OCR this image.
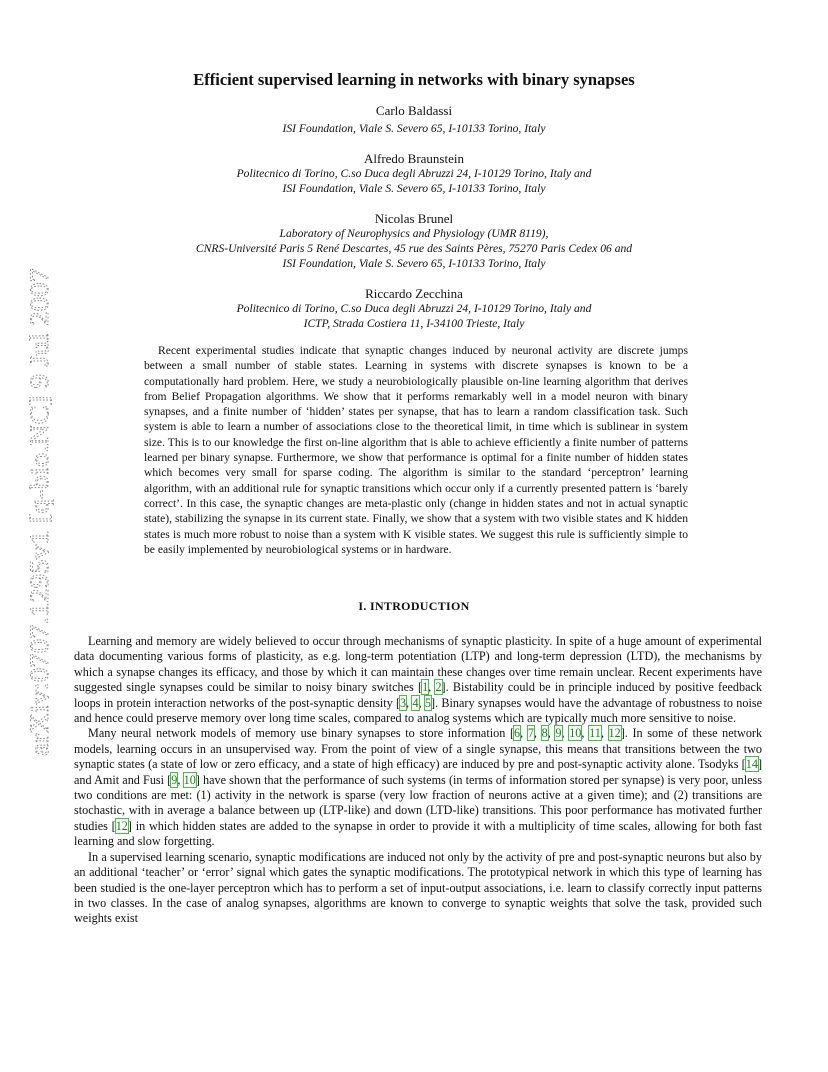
arXiv:0707.1295v1 [q-bio.NC] 9 Jul 2007
Efficient supervised learning in networks with binary synapses
Carlo Baldassi
ISI Foundation, Viale S. Severo 65, I-10133 Torino, Italy
Alfredo Braunstein
Politecnico di Torino, C.so Duca degli Abruzzi 24, I-10129 Torino, Italy and
ISI Foundation, Viale S. Severo 65, I-10133 Torino, Italy
Nicolas Brunel
Laboratory of Neurophysics and Physiology (UMR 8119),
CNRS-Université Paris 5 René Descartes, 45 rue des Saints Pères, 75270 Paris Cedex 06 and
ISI Foundation, Viale S. Severo 65, I-10133 Torino, Italy
Riccardo Zecchina
Politecnico di Torino, C.so Duca degli Abruzzi 24, I-10129 Torino, Italy and
ICTP, Strada Costiera 11, I-34100 Trieste, Italy

Recent experimental studies indicate that synaptic changes induced by neuronal activity are discrete jumps between a small number of stable states. Learning in systems with discrete synapses is known to be a computationally hard problem. Here, we study a neurobiologically plausible on-line learning algorithm that derives from Belief Propagation algorithms. We show that it performs remarkably well in a model neuron with binary synapses, and a finite number of ‘hidden’ states per synapse, that has to learn a random classification task. Such system is able to learn a number of associations close to the theoretical limit, in time which is sublinear in system size. This is to our knowledge the first on-line algorithm that is able to achieve efficiently a finite number of patterns learned per binary synapse. Furthermore, we show that performance is optimal for a finite number of hidden states which becomes very small for sparse coding. The algorithm is similar to the standard ‘perceptron’ learning algorithm, with an additional rule for synaptic transitions which occur only if a currently presented pattern is ‘barely correct’. In this case, the synaptic changes are meta-plastic only (change in hidden states and not in actual synaptic state), stabilizing the synapse in its current state. Finally, we show that a system with two visible states and K hidden states is much more robust to noise than a system with K visible states. We suggest this rule is sufficiently simple to be easily implemented by neurobiological systems or in hardware.

I. INTRODUCTION

Learning and memory are widely believed to occur through mechanisms of synaptic plasticity. In spite of a huge amount of experimental data documenting various forms of plasticity, as e.g. long-term potentiation (LTP) and long-term depression (LTD), the mechanisms by which a synapse changes its efficacy, and those by which it can maintain these changes over time remain unclear. Recent experiments have suggested single synapses could be similar to noisy binary switches [1, 2]. Bistability could be in principle induced by positive feedback loops in protein interaction networks of the post-synaptic density [3, 4, 5]. Binary synapses would have the advantage of robustness to noise and hence could preserve memory over long time scales, compared to analog systems which are typically much more sensitive to noise.

Many neural network models of memory use binary synapses to store information [6, 7, 8, 9, 10, 11, 12]. In some of these network models, learning occurs in an unsupervised way. From the point of view of a single synapse, this means that transitions between the two synaptic states (a state of low or zero efficacy, and a state of high efficacy) are induced by pre and post-synaptic activity alone. Tsodyks [14] and Amit and Fusi [9, 10] have shown that the performance of such systems (in terms of information stored per synapse) is very poor, unless two conditions are met: (1) activity in the network is sparse (very low fraction of neurons active at a given time); and (2) transitions are stochastic, with in average a balance between up (LTP-like) and down (LTD-like) transitions. This poor performance has motivated further studies [12] in which hidden states are added to the synapse in order to provide it with a multiplicity of time scales, allowing for both fast learning and slow forgetting.

In a supervised learning scenario, synaptic modifications are induced not only by the activity of pre and post-synaptic neurons but also by an additional ‘teacher’ or ‘error’ signal which gates the synaptic modifications. The prototypical network in which this type of learning has been studied is the one-layer perceptron which has to perform a set of input-output associations, i.e. learn to classify correctly input patterns in two classes. In the case of analog synapses, algorithms are known to converge to synaptic weights that solve the task, provided such weights exist
